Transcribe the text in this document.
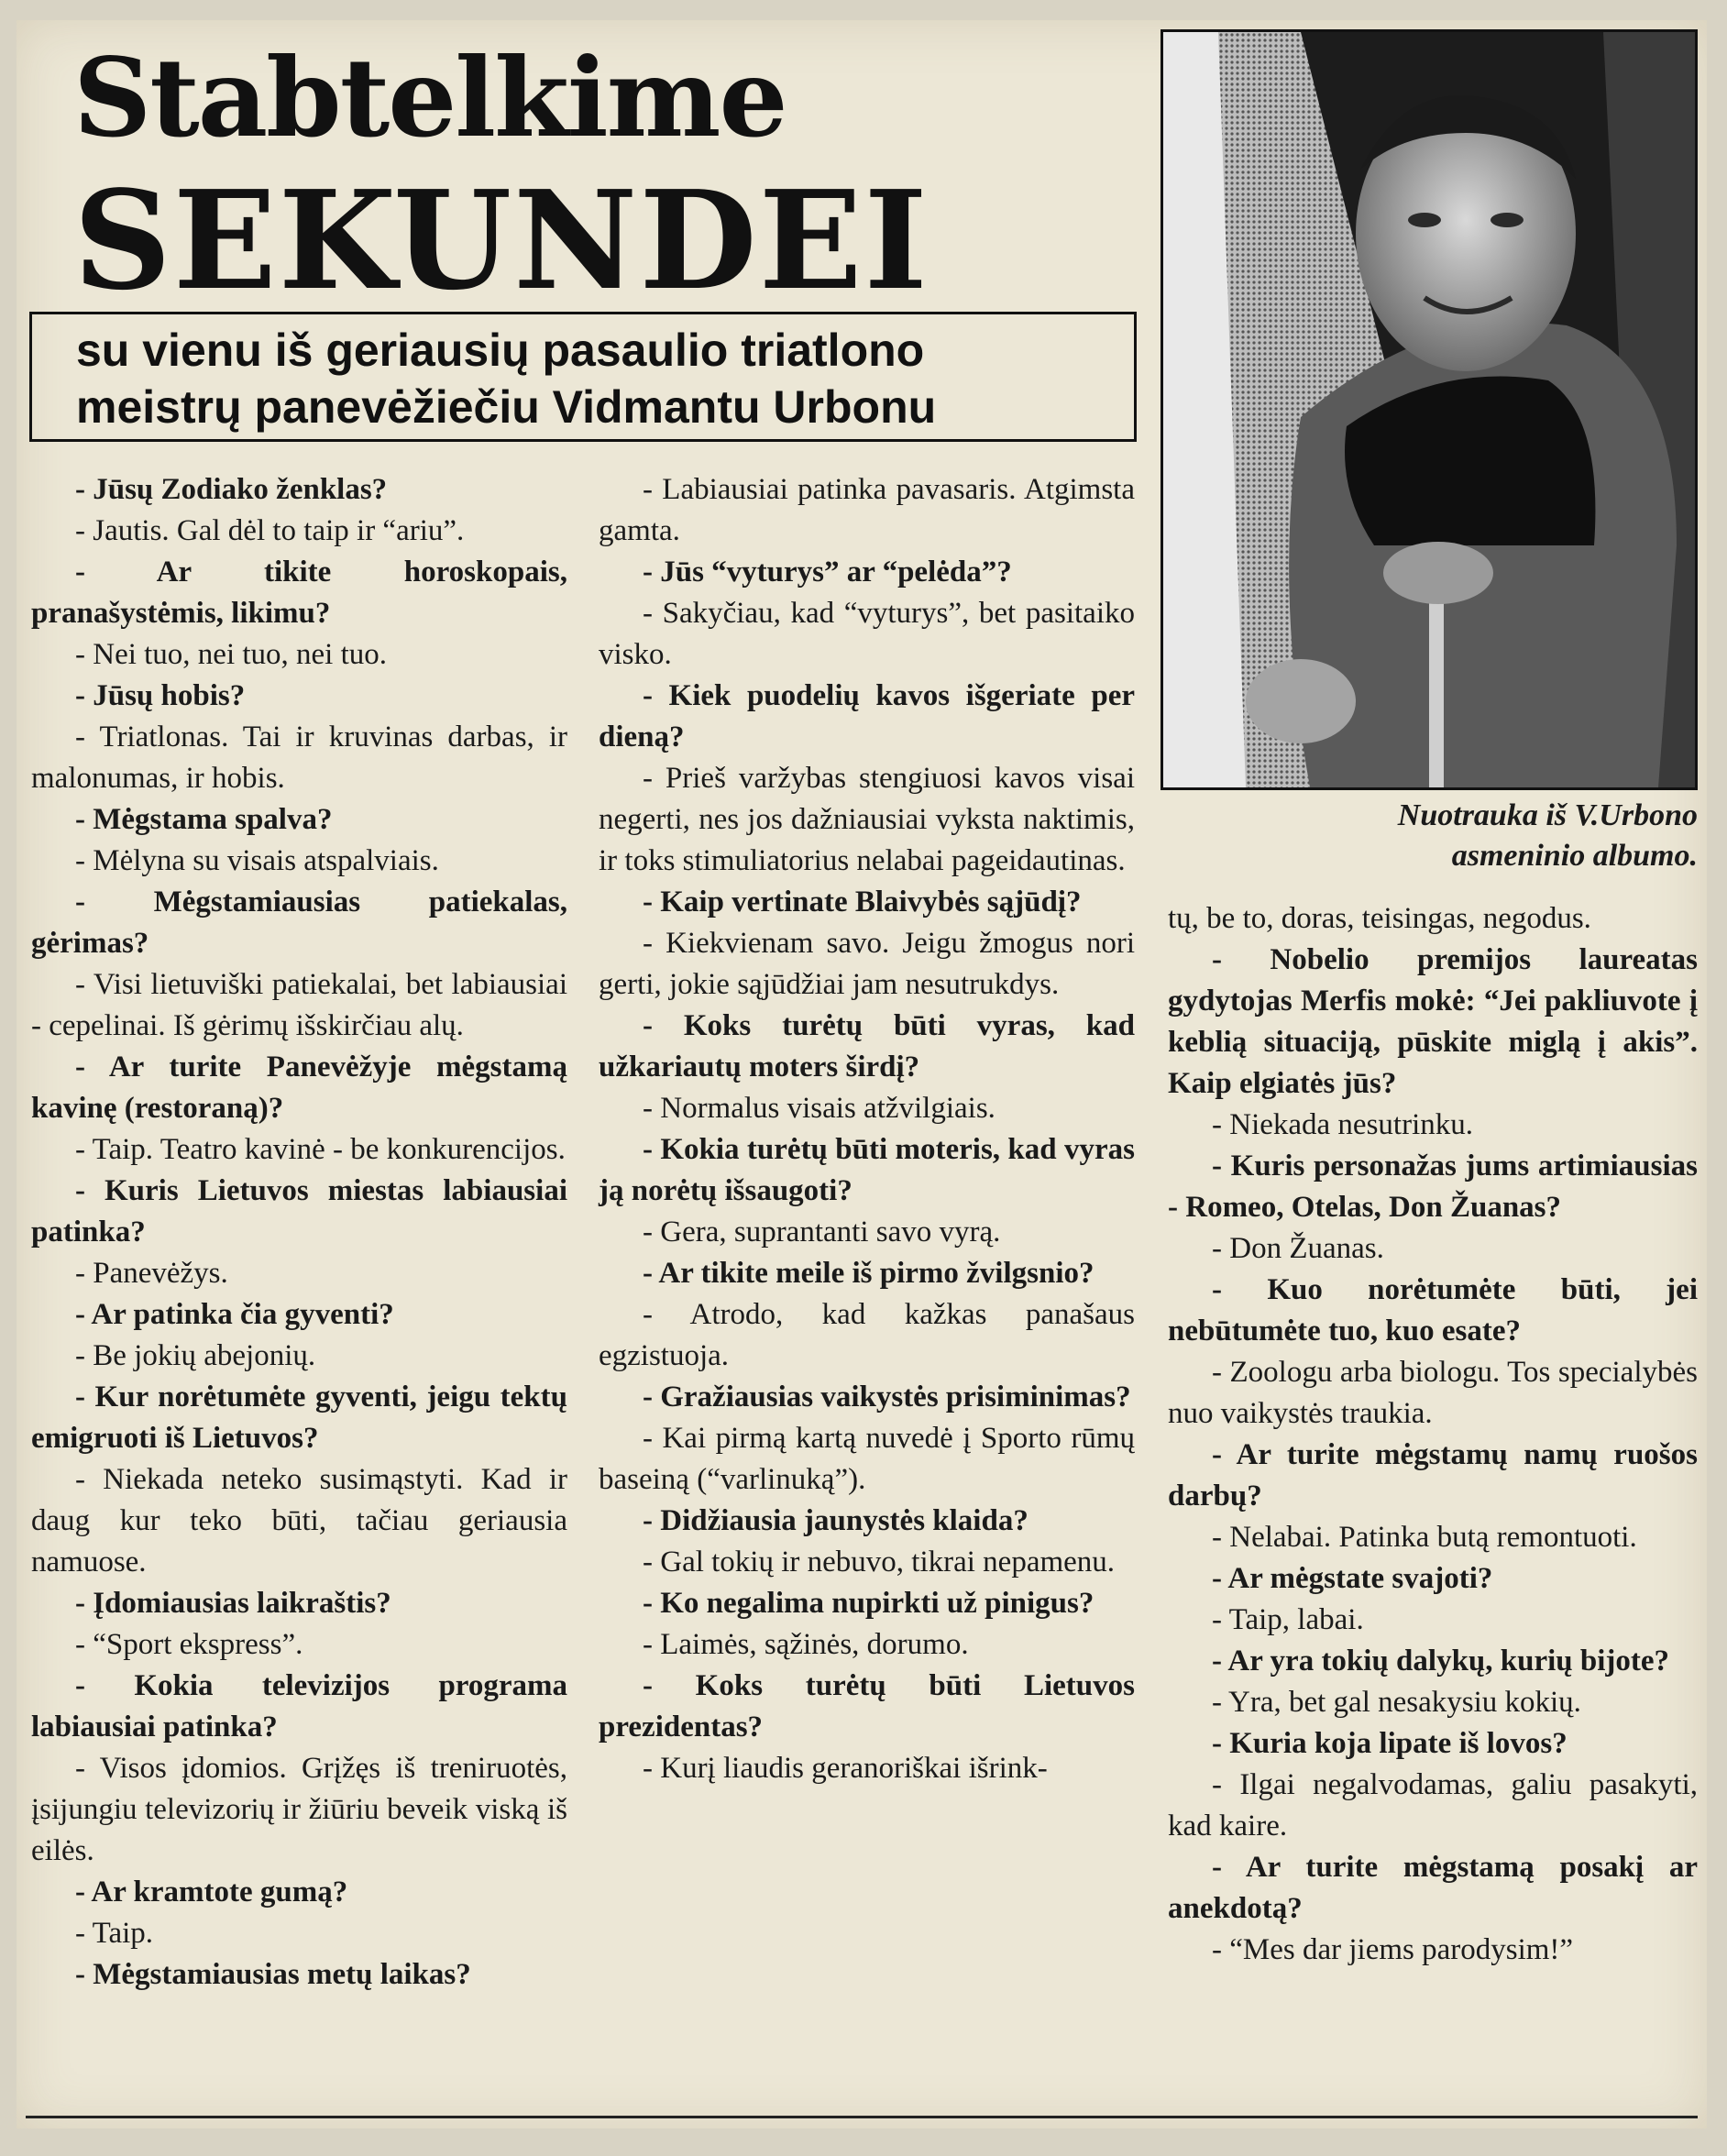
Stabtelkime
SEKUNDEI
su vienu iš geriausių pasaulio triatlono
meistrų panevėžiečiu Vidmantu Urbonu

- Jūsų Zodiako ženklas?

- Jautis. Gal dėl to taip ir “ariu”.

- Ar tikite horoskopais, pranašystėmis, likimu?

- Nei tuo, nei tuo, nei tuo.

- Jūsų hobis?

- Triatlonas. Tai ir kruvinas darbas, ir malonumas, ir hobis.

- Mėgstama spalva?

- Mėlyna su visais atspalviais.

- Mėgstamiausias patiekalas, gėrimas?

- Visi lietuviški patiekalai, bet labiausiai - cepelinai. Iš gėrimų išskirčiau alų.

- Ar turite Panevėžyje mėgstamą kavinę (restoraną)?

- Taip. Teatro kavinė - be konkurencijos.

- Kuris Lietuvos miestas labiausiai patinka?

- Panevėžys.

- Ar patinka čia gyventi?

- Be jokių abejonių.

- Kur norėtumėte gyventi, jeigu tektų emigruoti iš Lietuvos?

- Niekada neteko susimąstyti. Kad ir daug kur teko būti, tačiau geriausia namuose.

- Įdomiausias laikraštis?

- “Sport ekspress”.

- Kokia televizijos programa labiausiai patinka?

- Visos įdomios. Grįžęs iš treniruotės, įsijungiu televizorių ir žiūriu beveik viską iš eilės.

- Ar kramtote gumą?

- Taip.

- Mėgstamiausias metų laikas?

- Labiausiai patinka pavasaris. Atgimsta gamta.

- Jūs “vyturys” ar “pelėda”?

- Sakyčiau, kad “vyturys”, bet pasitaiko visko.

- Kiek puodelių kavos išgeriate per dieną?

- Prieš varžybas stengiuosi kavos visai negerti, nes jos dažniausiai vyksta naktimis, ir toks stimuliatorius nelabai pageidautinas.

- Kaip vertinate Blaivybės sąjūdį?

- Kiekvienam savo. Jeigu žmogus nori gerti, jokie sąjūdžiai jam nesutrukdys.

- Koks turėtų būti vyras, kad užkariautų moters širdį?

- Normalus visais atžvilgiais.

- Kokia turėtų būti moteris, kad vyras ją norėtų išsaugoti?

- Gera, suprantanti savo vyrą.

- Ar tikite meile iš pirmo žvilgsnio?

- Atrodo, kad kažkas panašaus egzistuoja.

- Gražiausias vaikystės prisiminimas?

- Kai pirmą kartą nuvedė į Sporto rūmų baseiną (“varlinuką”).

- Didžiausia jaunystės klaida?

- Gal tokių ir nebuvo, tikrai nepamenu.

- Ko negalima nupirkti už pinigus?

- Laimės, sąžinės, dorumo.

- Koks turėtų būti Lietuvos prezidentas?

- Kurį liaudis geranoriškai išrink-

tų, be to, doras, teisingas, negodus.

- Nobelio premijos laureatas gydytojas Merfis mokė: “Jei pakliuvote į keblią situaciją, pūskite miglą į akis”. Kaip elgiatės jūs?

- Niekada nesutrinku.

- Kuris personažas jums artimiausias - Romeo, Otelas, Don Žuanas?

- Don Žuanas.

- Kuo norėtumėte būti, jei nebūtumėte tuo, kuo esate?

- Zoologu arba biologu. Tos specialybės nuo vaikystės traukia.

- Ar turite mėgstamų namų ruošos darbų?

- Nelabai. Patinka butą remontuoti.

- Ar mėgstate svajoti?

- Taip, labai.

- Ar yra tokių dalykų, kurių bijote?

- Yra, bet gal nesakysiu kokių.

- Kuria koja lipate iš lovos?

- Ilgai negalvodamas, galiu pasakyti, kad kaire.

- Ar turite mėgstamą posakį ar anekdotą?

- “Mes dar jiems parodysim!”

Nuotrauka iš V.Urbono
asmeninio albumo.
